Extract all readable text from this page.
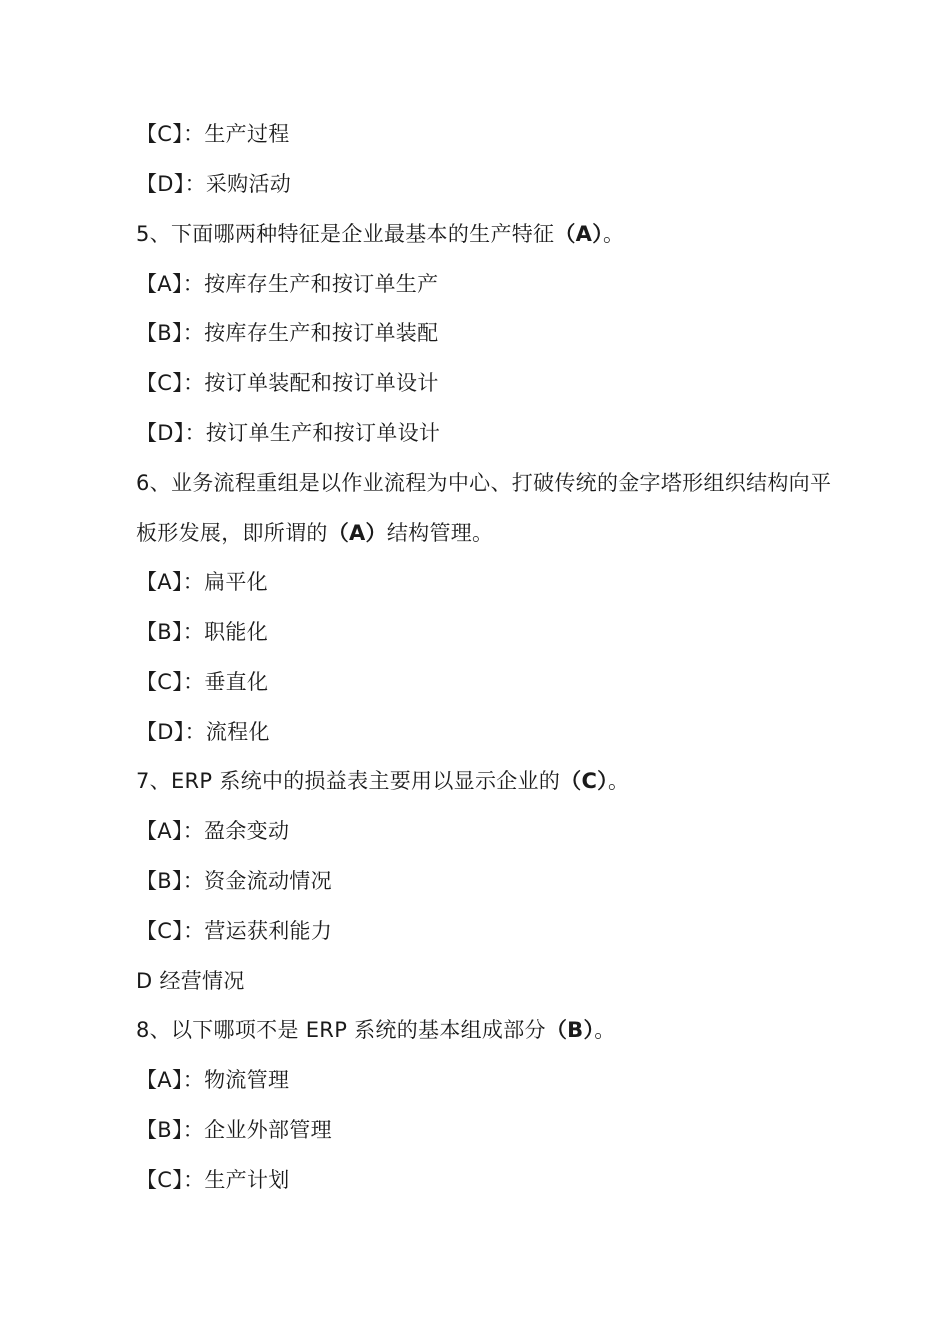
【C】：生产过程
【D】：采购活动
5、下面哪两种特征是企业最基本的生产特征（A）。
【A】：按库存生产和按订单生产
【B】：按库存生产和按订单装配
【C】：按订单装配和按订单设计
【D】：按订单生产和按订单设计
6、业务流程重组是以作业流程为中心、打破传统的金字塔形组织结构向平
板形发展，即所谓的（A）结构管理。
【A】：扁平化
【B】：职能化
【C】：垂直化
【D】：流程化
7、ERP 系统中的损益表主要用以显示企业的（C）。
【A】：盈余变动
【B】：资金流动情况
【C】：营运获利能力
D 经营情况
8、以下哪项不是 ERP 系统的基本组成部分（B）。
【A】：物流管理
【B】：企业外部管理
【C】：生产计划
